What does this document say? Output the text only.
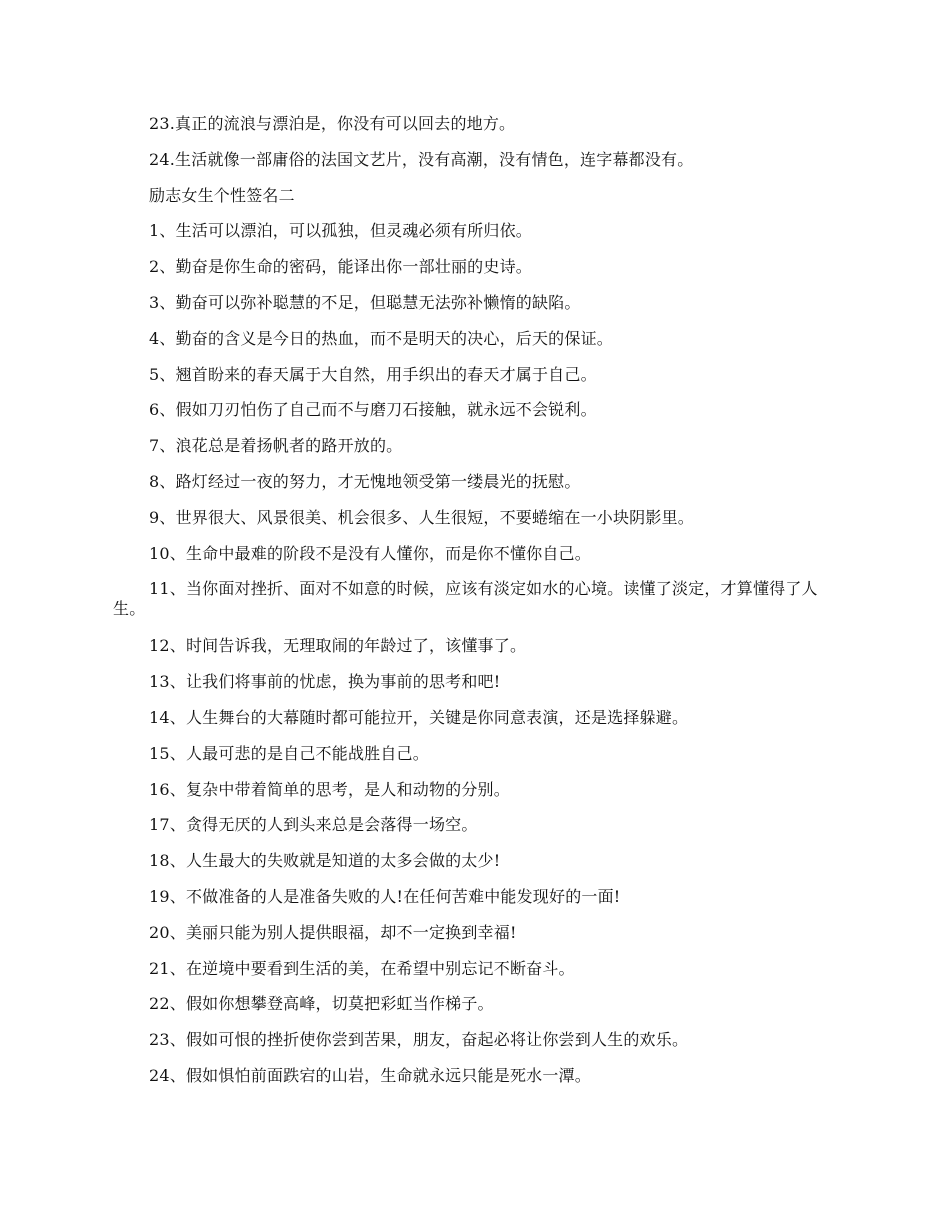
23.真正的流浪与漂泊是，你没有可以回去的地方。
24.生活就像一部庸俗的法国文艺片，没有高潮，没有情色，连字幕都没有。
励志女生个性签名二
1、生活可以漂泊，可以孤独，但灵魂必须有所归依。
2、勤奋是你生命的密码，能译出你一部壮丽的史诗。
3、勤奋可以弥补聪慧的不足，但聪慧无法弥补懒惰的缺陷。
4、勤奋的含义是今日的热血，而不是明天的决心，后天的保证。
5、翘首盼来的春天属于大自然，用手织出的春天才属于自己。
6、假如刀刃怕伤了自己而不与磨刀石接触，就永远不会锐利。
7、浪花总是着扬帆者的路开放的。
8、路灯经过一夜的努力，才无愧地领受第一缕晨光的抚慰。
9、世界很大、风景很美、机会很多、人生很短，不要蜷缩在一小块阴影里。
10、生命中最难的阶段不是没有人懂你，而是你不懂你自己。
11、当你面对挫折、面对不如意的时候，应该有淡定如水的心境。读懂了淡定，才算懂得了人生。
12、时间告诉我，无理取闹的年龄过了，该懂事了。
13、让我们将事前的忧虑，换为事前的思考和吧!
14、人生舞台的大幕随时都可能拉开，关键是你同意表演，还是选择躲避。
15、人最可悲的是自己不能战胜自己。
16、复杂中带着简单的思考，是人和动物的分别。
17、贪得无厌的人到头来总是会落得一场空。
18、人生最大的失败就是知道的太多会做的太少!
19、不做准备的人是准备失败的人!在任何苦难中能发现好的一面!
20、美丽只能为别人提供眼福，却不一定换到幸福!
21、在逆境中要看到生活的美，在希望中别忘记不断奋斗。
22、假如你想攀登高峰，切莫把彩虹当作梯子。
23、假如可恨的挫折使你尝到苦果，朋友，奋起必将让你尝到人生的欢乐。
24、假如惧怕前面跌宕的山岩，生命就永远只能是死水一潭。
